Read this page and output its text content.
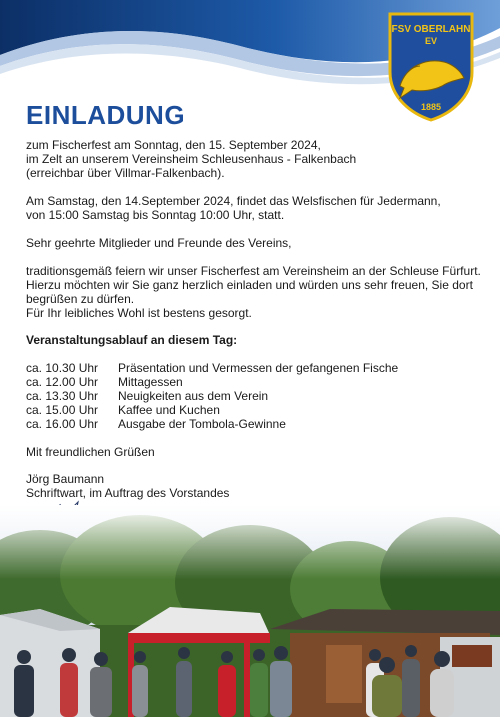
FSV OBERLAHN
EV
1885
EINLADUNG
zum Fischerfest am Sonntag, den 15. September 2024,
im Zelt an unserem Vereinsheim Schleusenhaus - Falkenbach
(erreichbar über Villmar-Falkenbach).
Am Samstag, den 14.September 2024, findet das Welsfischen für Jedermann,
von 15:00 Samstag bis Sonntag 10:00 Uhr, statt.
Sehr geehrte Mitglieder und Freunde des Vereins,
traditionsgemäß feiern wir unser Fischerfest am Vereinsheim an der Schleuse Fürfurt.
Hierzu möchten wir Sie ganz herzlich einladen und würden uns sehr freuen, Sie dort
begrüßen zu dürfen.
Für Ihr leibliches Wohl ist bestens gesorgt.
Veranstaltungsablauf an diesem Tag:
ca. 10.30 Uhr	Präsentation und Vermessen der gefangenen Fische
ca. 12.00 Uhr	Mittagessen
ca. 13.30 Uhr	Neuigkeiten aus dem Verein
ca. 15.00 Uhr	Kaffee und Kuchen
ca. 16.00 Uhr	Ausgabe der Tombola-Gewinne
Mit freundlichen Grüßen
Jörg Baumann
Schriftwart, im Auftrag des Vorstandes
